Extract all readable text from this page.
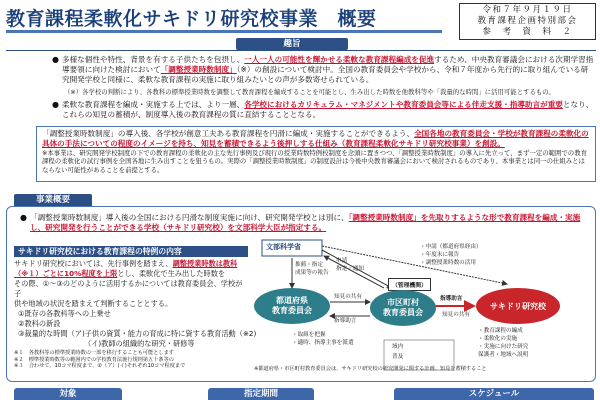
教育課程柔軟化サキドリ研究校事業　概要	令和７年９月１９日
教育課程企画特別部会
参　考　資　料　２
趣旨
● 多様な個性や特性、背景を有する子供たちを包摂し、一人一人の可能性を輝かせる柔軟な教育課程編成を促進するため、中央教育審議会における次期学習指導要領に向けた検討において「調整授業時数制度」（※）の創設について検討中。全国の教育委員会や学校から、令和７年度から先行的に取り組んでいる研究開発学校と同様に、柔軟な教育課程の実施に取り組みたいとの声が多数寄せられている。
（※）各学校の判断により、各教科の標準授業時数を調整して教育課程を編成することを可能とし、生み出した時数を他教科等や「裁量的な時間」に活用可能とするもの。
● 柔軟な教育課程を編成・実施する上では、より一層、各学校におけるカリキュラム・マネジメントや教育委員会等による伴走支援・指導助言が重要となり、これらの知見の蓄積が、制度導入後の教育課程の質に直結することとなる。
「調整授業時数制度」の導入後、各学校が創意工夫ある教育課程を円滑に編成・実施することができるよう、全国各地の教育委員会・学校が教育課程の柔軟化の具体の手法についての程度のイメージを持ち、知見を蓄積できるよう後押しする仕組み（教育課程柔軟化サキドリ研究校事業）を創設。
※本事業は、研究開発学校制度の下での教育課程の柔軟化の主な先行事例及び現行の授業時数特例校制度を念頭に置きつつ、「調整授業時数制度」の導入に先立って、まず一定の範囲での教育課程の柔軟化の試行事例を全国各地に生み出すことを狙うもの。実際の「調整授業時数制度」の制度設計は今後中央教育審議会において検討されるものであり、本事業とは同一の仕組みとはならない可能性があることを前提とする。
事業概要
● 「調整授業時数制度」導入後の全国における円滑な制度実施に向け、研究開発学校とは別に、「調整授業時数制度」を先取りするような形で教育課程を編成・実施し、研究開発を行うことができる学校（サキドリ研究校）を文部科学大臣が指定する。
サキドリ研究校における教育課程の特例の内容
サキドリ研究校においては、先行事例を踏まえ、調整授業時数は教科
（※１）ごとに10%程度を上限とし、柔軟化で生み出した時数を
その際、①～③のどのように活用するかについては教育委員会、学校が子
供や地域の状況を踏まえて判断することとする。
①既存の各教科等への上乗せ
②教科の新設
③裁量的な時間（ア)子供の資質・能力の育成に特に資する教育活動（※2)
（イ)教師の組織的な研究・研修等
※１　各教科等の標準授業時数の一部を移行することも可能とします
※２　標準授業時数等の範囲内での学校教育法施行規則第五十条等の
※３　合わせて、10コマ程度まで、②（ア）(イ)それぞれ10コマ程度まで
文部科学省
推薦・指定
成果等の報告
申請
指定・通知
・申請（都道府県経由）
・年度末に報告
・調整授業時数の活用
都道府県
教育委員会
知見の共有
指導助言
（管理機関）
市区町村
教育委員会
指導助言
知見の共有
サキドリ研究校
・教育課程の編成
・柔軟化の実施
・実施に向けた研究
保護者・地域へ説明
・取組を把握
・適時、指導主事を派遣
域内
普及
※都道府県・市区町村教育委員会は、サキドリ研究校の研究開発に関する計画、知見を蓄積すること
対象	指定期間	スケジュール
